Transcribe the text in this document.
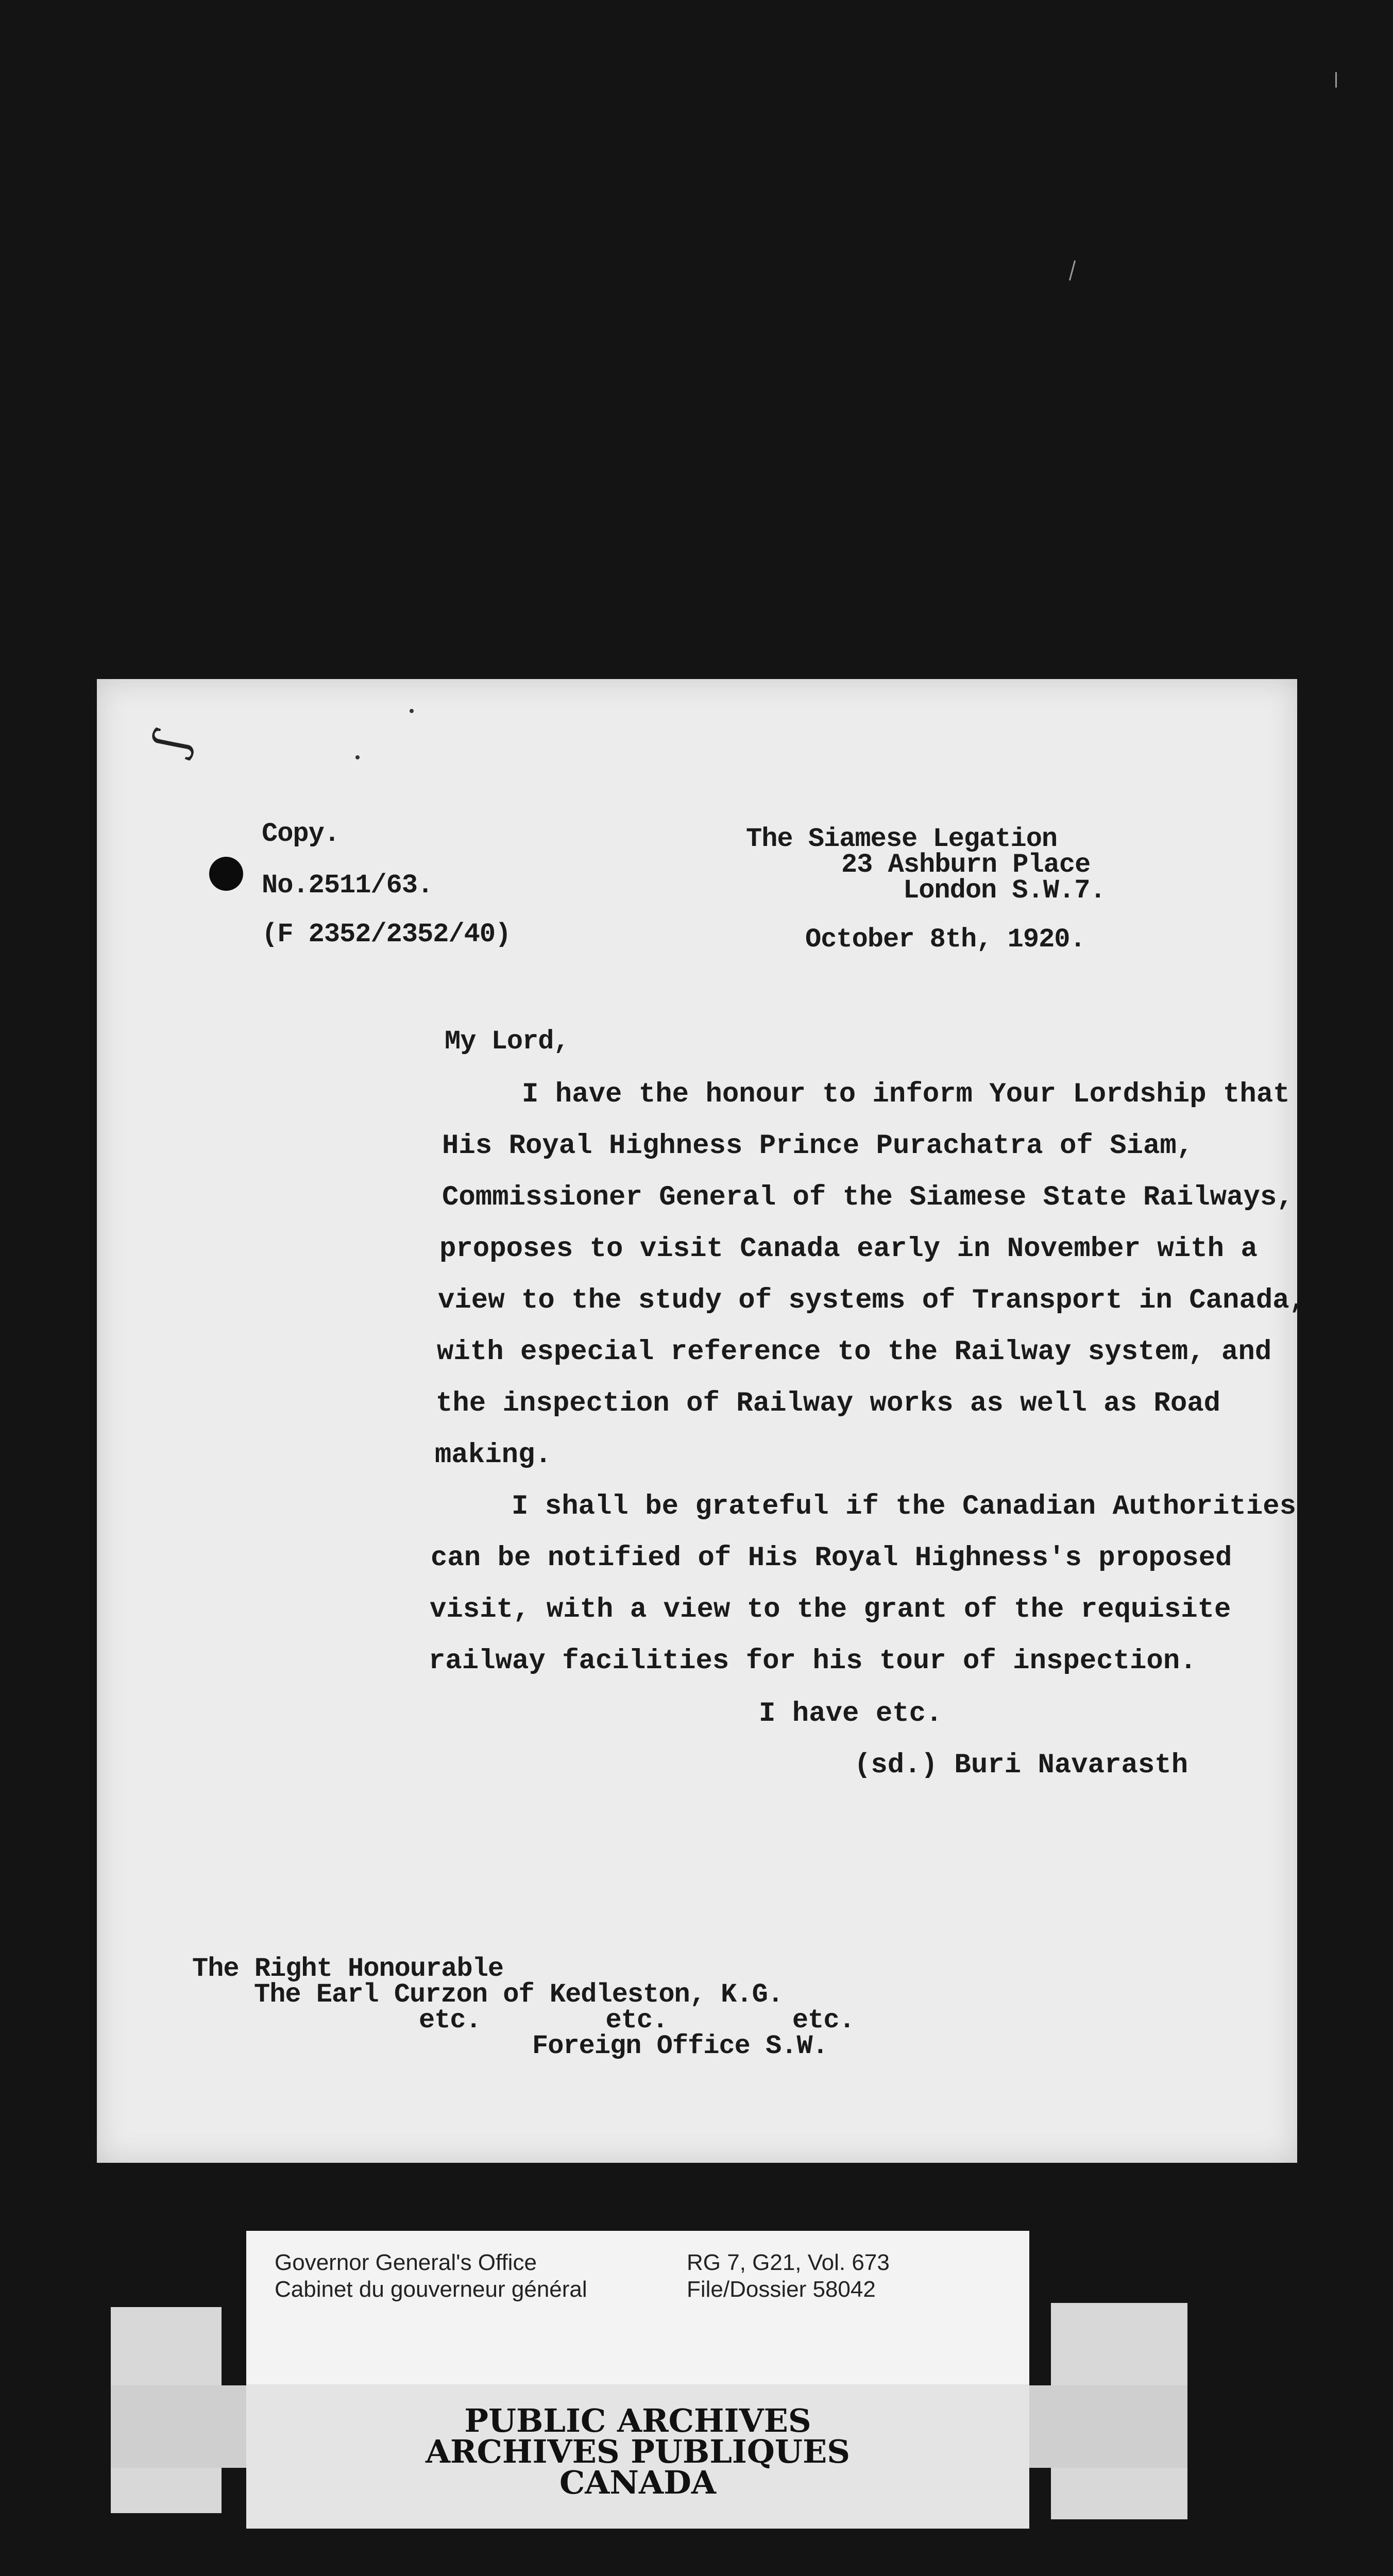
ʃ
Copy.
No.2511/63.
(F 2352/2352/40)
The Siamese Legation
23 Ashburn Place
London S.W.7.
October 8th, 1920.
My Lord,
I have the honour to inform Your Lordship that
His Royal Highness Prince Purachatra of Siam,
Commissioner General of the Siamese State Railways,
proposes to visit Canada early in November with a
view to the study of systems of Transport in Canada,
with especial reference to the Railway system, and
the inspection of Railway works as well as Road
making.
I shall be grateful if the Canadian Authorities
can be notified of His Royal Highness's proposed
visit, with a view to the grant of the requisite
railway facilities for his tour of inspection.
I have etc.
(sd.) Buri Navarasth
The Right Honourable
The Earl Curzon of Kedleston, K.G.
etc.        etc.        etc.
Foreign Office S.W.
Governor General's Office
Cabinet du gouverneur général
RG 7, G21, Vol. 673
File/Dossier 58042
PUBLIC ARCHIVES
ARCHIVES PUBLIQUES
CANADA
